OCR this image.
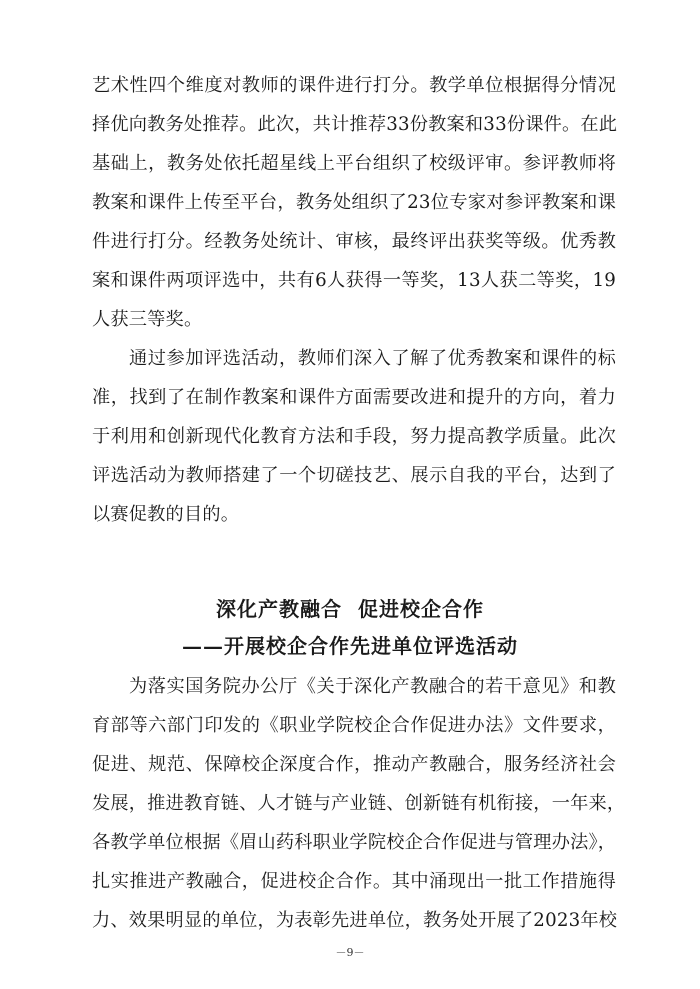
艺术性四个维度对教师的课件进行打分。教学单位根据得分情况
择优向教务处推荐。此次，共计推荐33份教案和33份课件。在此
基础上，教务处依托超星线上平台组织了校级评审。参评教师将
教案和课件上传至平台，教务处组织了23位专家对参评教案和课
件进行打分。经教务处统计、审核，最终评出获奖等级。优秀教
案和课件两项评选中，共有6人获得一等奖，13人获二等奖，19
人获三等奖。
通过参加评选活动，教师们深入了解了优秀教案和课件的标
准，找到了在制作教案和课件方面需要改进和提升的方向，着力
于利用和创新现代化教育方法和手段，努力提高教学质量。此次
评选活动为教师搭建了一个切磋技艺、展示自我的平台，达到了
以赛促教的目的。
深化产教融合  促进校企合作
——开展校企合作先进单位评选活动
为落实国务院办公厅《关于深化产教融合的若干意见》和教
育部等六部门印发的《职业学院校企合作促进办法》文件要求，
促进、规范、保障校企深度合作，推动产教融合，服务经济社会
发展，推进教育链、人才链与产业链、创新链有机衔接，一年来，
各教学单位根据《眉山药科职业学院校企合作促进与管理办法》，
扎实推进产教融合，促进校企合作。其中涌现出一批工作措施得
力、效果明显的单位，为表彰先进单位，教务处开展了2023年校
－9－
